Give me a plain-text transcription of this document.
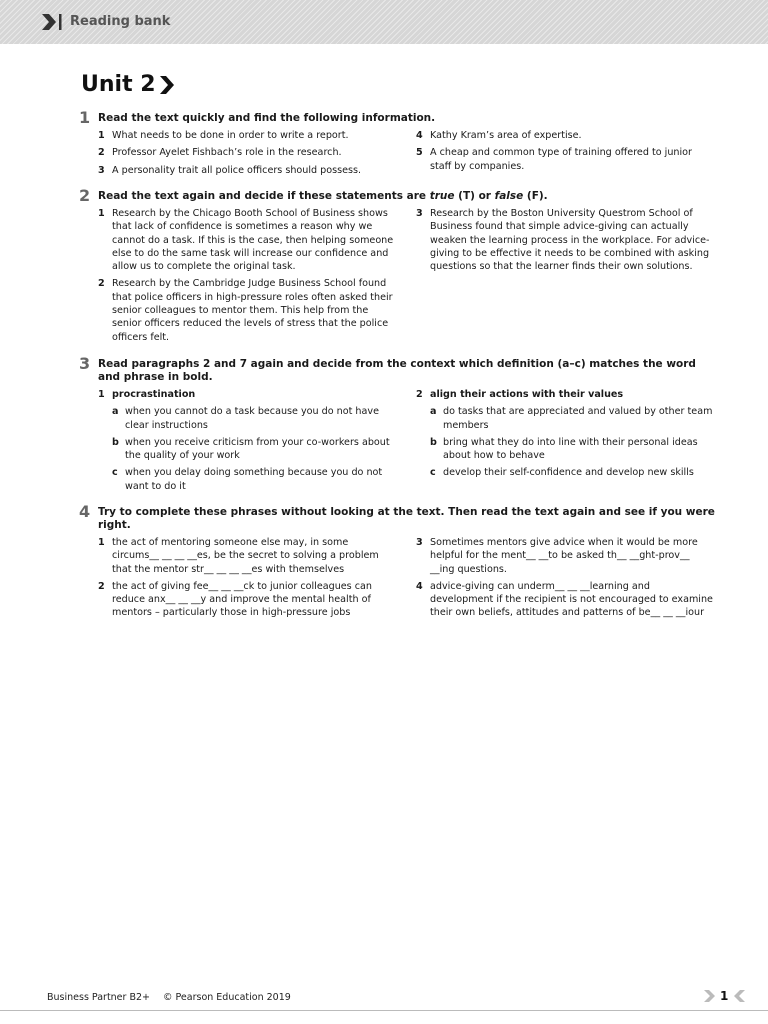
Reading bank
Unit 2
1 Read the text quickly and find the following information.
1 What needs to be done in order to write a report.
2 Professor Ayelet Fishbach’s role in the research.
3 A personality trait all police officers should possess.
4 Kathy Kram’s area of expertise.
5 A cheap and common type of training offered to junior staff by companies.
2 Read the text again and decide if these statements are true (T) or false (F).
1 Research by the Chicago Booth School of Business shows that lack of confidence is sometimes a reason why we cannot do a task. If this is the case, then helping someone else to do the same task will increase our confidence and allow us to complete the original task.
2 Research by the Cambridge Judge Business School found that police officers in high-pressure roles often asked their senior colleagues to mentor them. This help from the senior officers reduced the levels of stress that the police officers felt.
3 Research by the Boston University Questrom School of Business found that simple advice-giving can actually weaken the learning process in the workplace. For advice-giving to be effective it needs to be combined with asking questions so that the learner finds their own solutions.
3 Read paragraphs 2 and 7 again and decide from the context which definition (a–c) matches the word and phrase in bold.
1 procrastination
a when you cannot do a task because you do not have clear instructions
b when you receive criticism from your co-workers about the quality of your work
c when you delay doing something because you do not want to do it
2 align their actions with their values
a do tasks that are appreciated and valued by other team members
b bring what they do into line with their personal ideas about how to behave
c develop their self-confidence and develop new skills
4 Try to complete these phrases without looking at the text. Then read the text again and see if you were right.
1 the act of mentoring someone else may, in some circums__ __ __ __es, be the secret to solving a problem that the mentor str__ __ __ __es with themselves
2 the act of giving fee__ __ __ck to junior colleagues can reduce anx__ __ __y and improve the mental health of mentors – particularly those in high-pressure jobs
3 Sometimes mentors give advice when it would be more helpful for the ment__ __to be asked th__ __ght-prov__ __ing questions.
4 advice-giving can underm__ __ __learning and development if the recipient is not encouraged to examine their own beliefs, attitudes and patterns of be__ __ __iour
Business Partner B2+ © Pearson Education 2019	1
